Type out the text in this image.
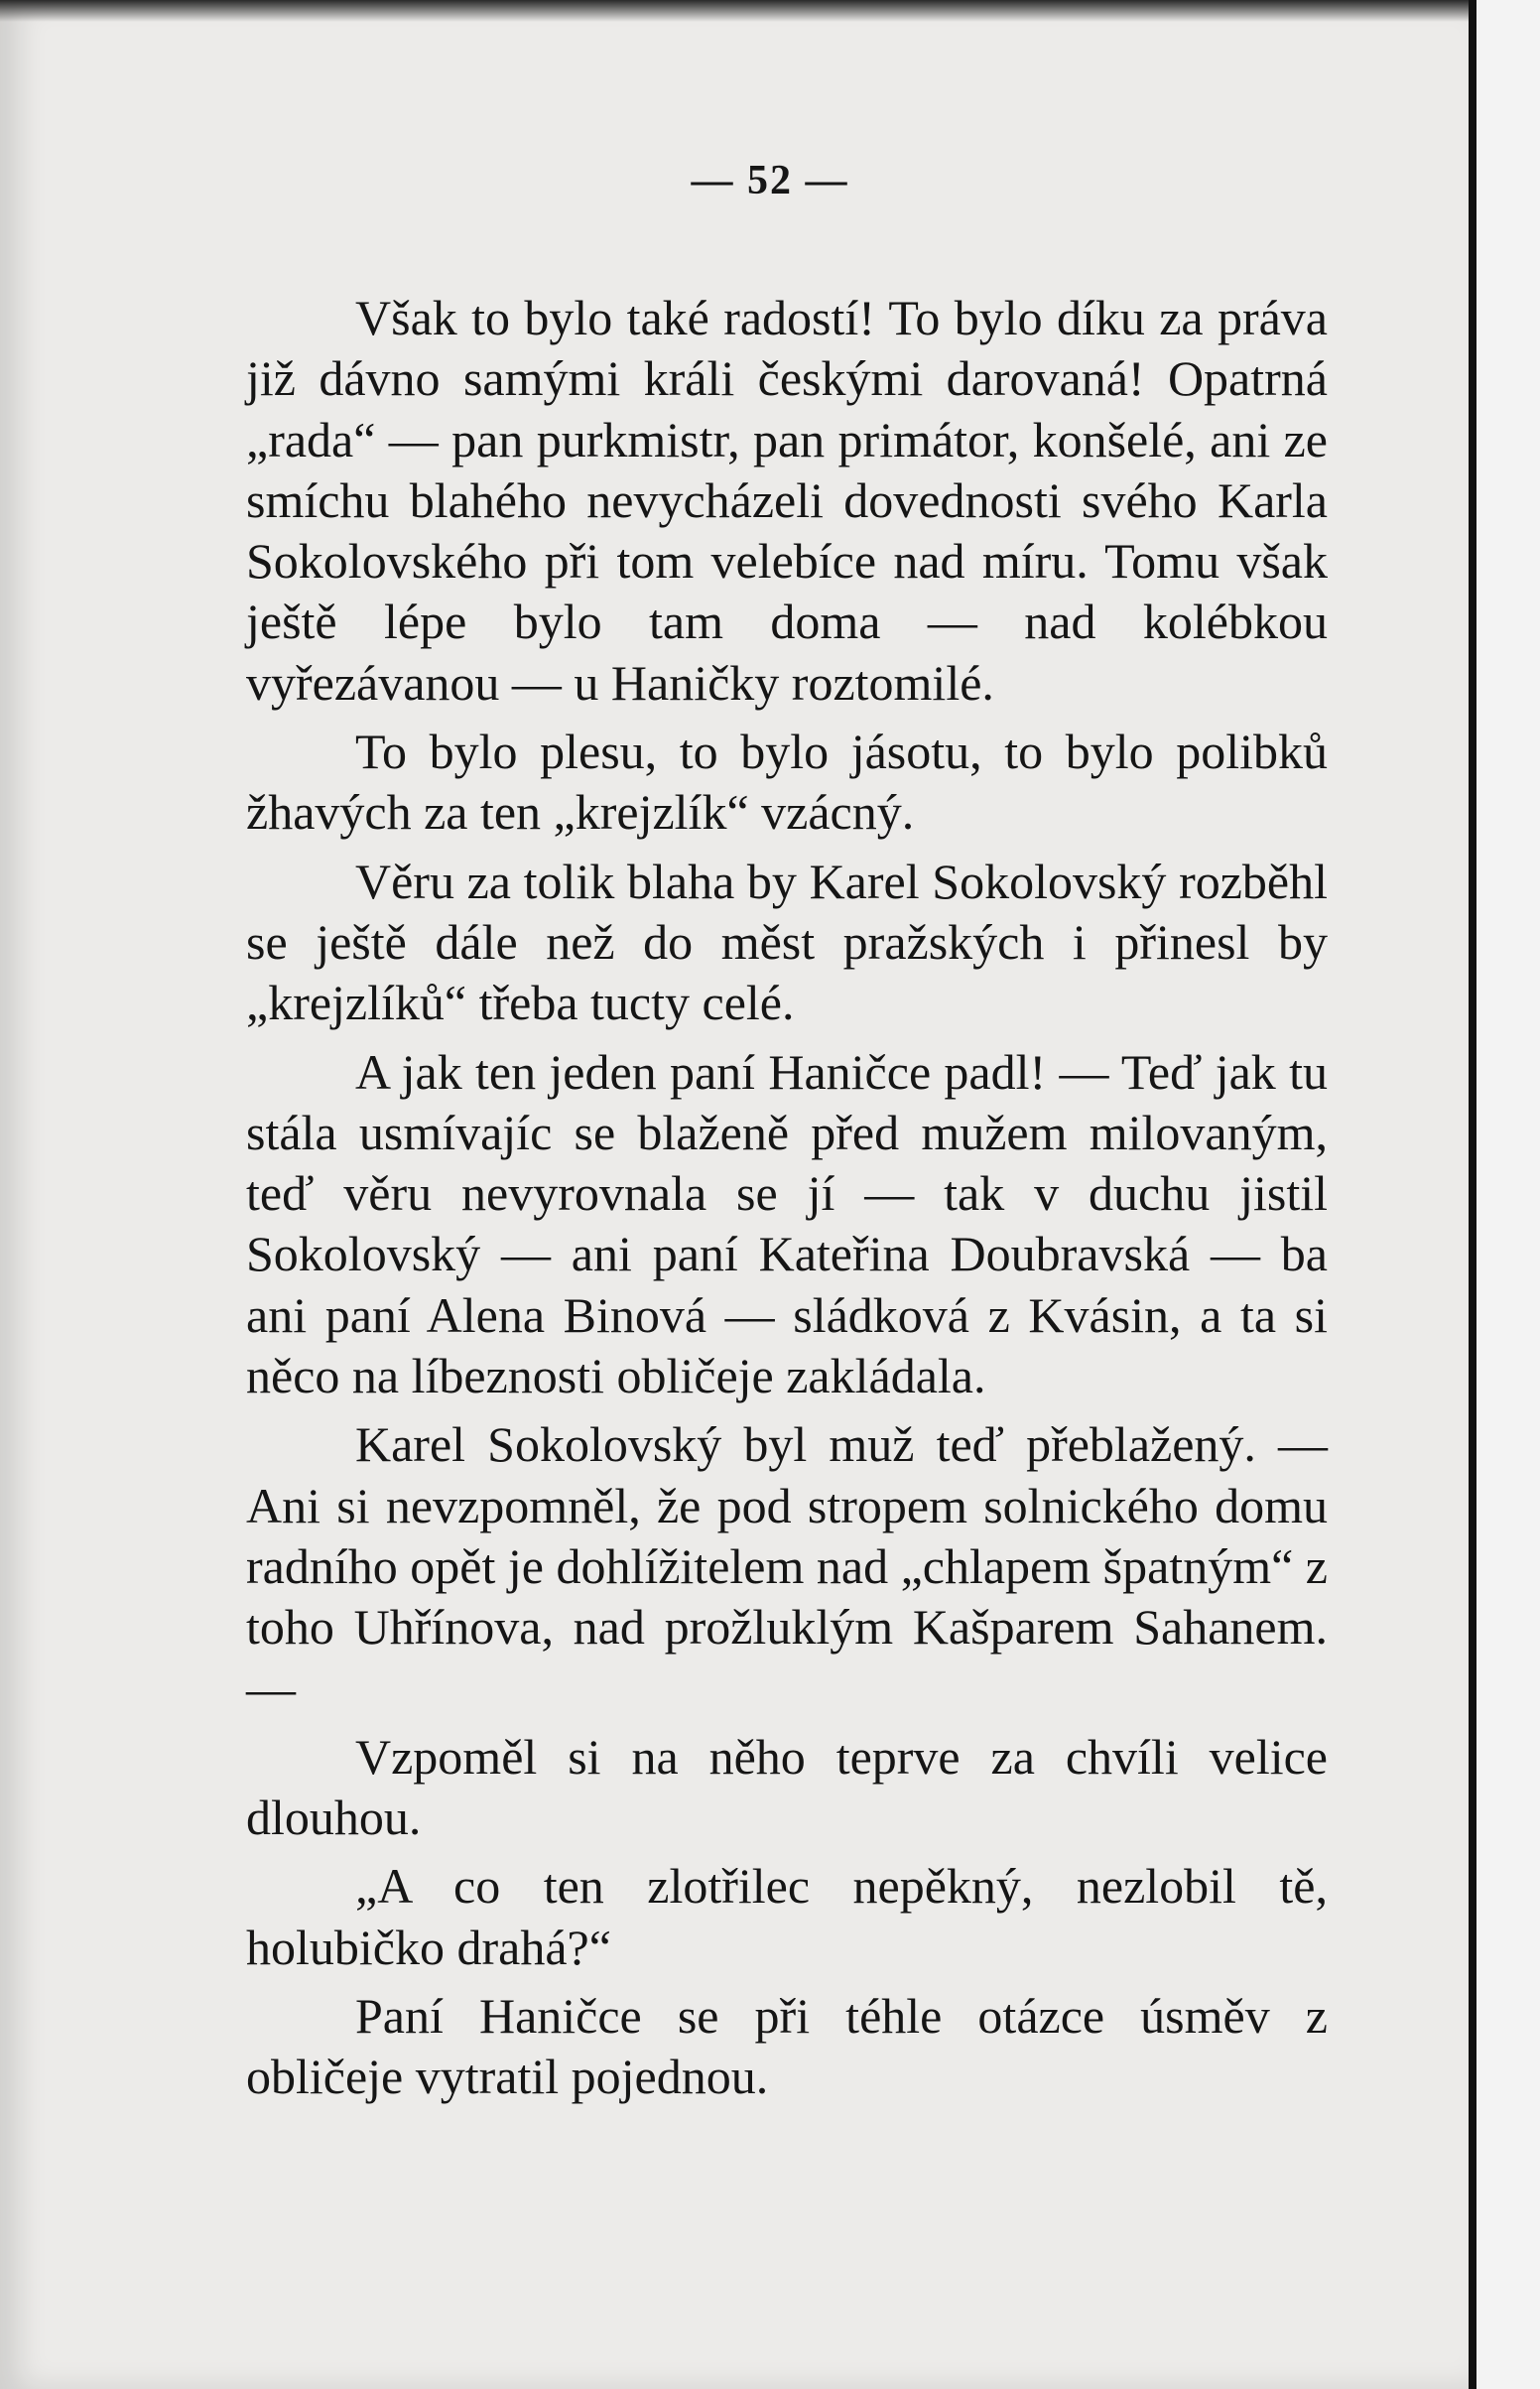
— 52 —

Však to bylo také radostí! To bylo díku za práva již dávno samými králi českými darovaná! Opatrná „rada“ — pan purkmistr, pan primátor, konšelé, ani ze smíchu blahého nevycházeli dovednosti svého Karla Sokolovského při tom velebíce nad míru. Tomu však ještě lépe bylo tam doma — nad kolébkou vyřezávanou — u Haničky roztomilé.

To bylo plesu, to bylo jásotu, to bylo polibků žhavých za ten „krejzlík“ vzácný.

Věru za tolik blaha by Karel Sokolovský rozběhl se ještě dále než do měst pražských i přinesl by „krejzlíků“ třeba tucty celé.

A jak ten jeden paní Haničce padl! — Teď jak tu stála usmívajíc se blaženě před mužem milovaným, teď věru nevyrovnala se jí — tak v duchu jistil Sokolovský — ani paní Kateřina Doubravská — ba ani paní Alena Binová — sládková z Kvásin, a ta si něco na líbeznosti obličeje zakládala.

Karel Sokolovský byl muž teď přeblažený. — Ani si nevzpomněl, že pod stropem solnického domu radního opět je dohlížitelem nad „chlapem špatným“ z toho Uhřínova, nad prožluklým Kašparem Sahanem. —

Vzpoměl si na něho teprve za chvíli velice dlouhou.

„A co ten zlotřilec nepěkný, nezlobil tě, holubičko drahá?“

Paní Haničce se při téhle otázce úsměv z obličeje vytratil pojednou.
